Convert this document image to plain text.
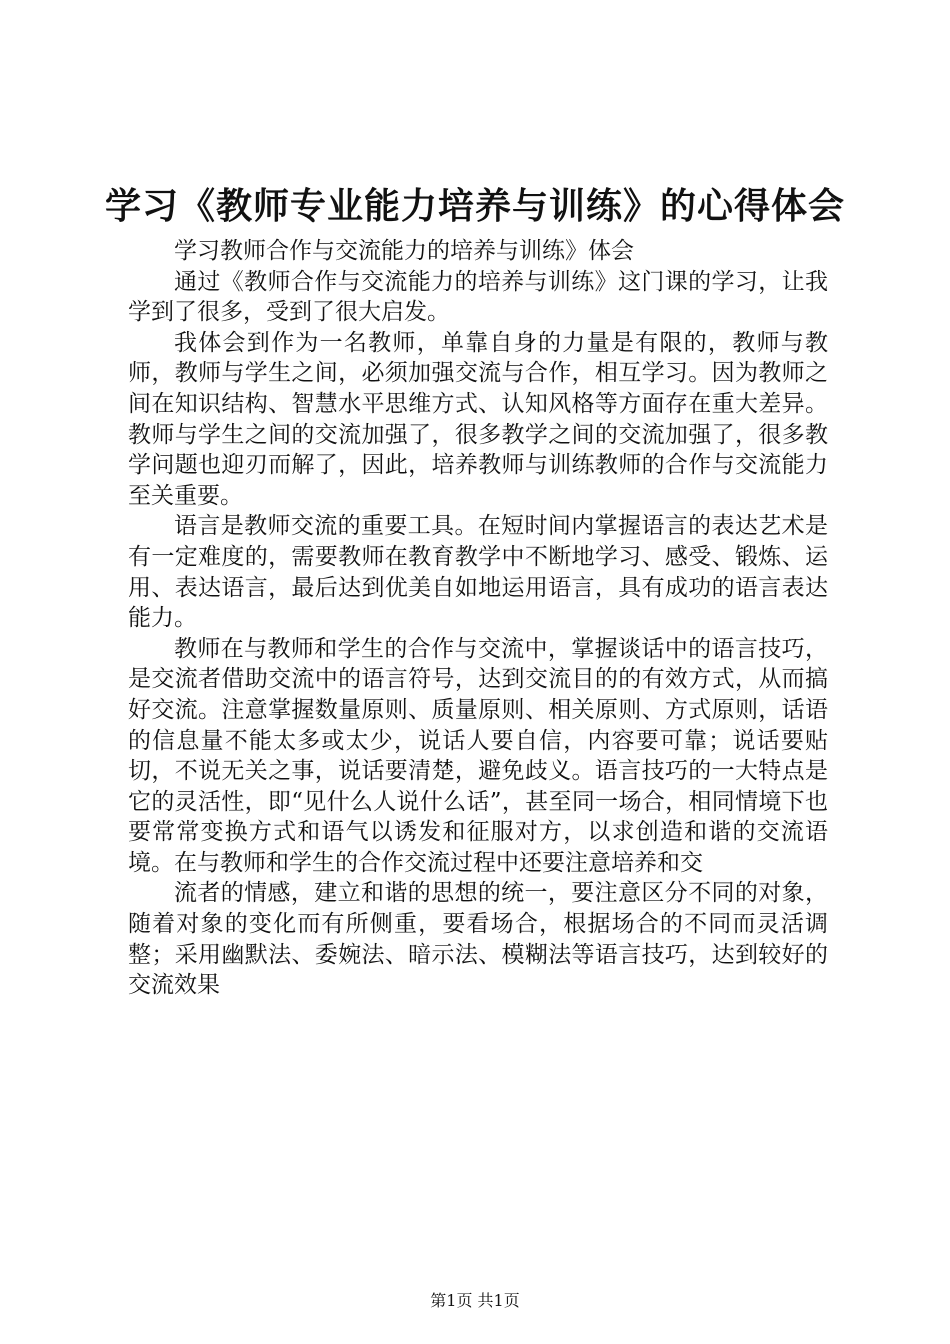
学习《教师专业能力培养与训练》的心得体会

学习教师合作与交流能力的培养与训练》体会

通过《教师合作与交流能力的培养与训练》这门课的学习，让我学到了很多，受到了很大启发。

我体会到作为一名教师，单靠自身的力量是有限的，教师与教师，教师与学生之间，必须加强交流与合作，相互学习。因为教师之间在知识结构、智慧水平思维方式、认知风格等方面存在重大差异。教师与学生之间的交流加强了，很多教学之间的交流加强了，很多教学问题也迎刃而解了，因此，培养教师与训练教师的合作与交流能力至关重要。

语言是教师交流的重要工具。在短时间内掌握语言的表达艺术是有一定难度的，需要教师在教育教学中不断地学习、感受、锻炼、运用、表达语言，最后达到优美自如地运用语言，具有成功的语言表达能力。

教师在与教师和学生的合作与交流中，掌握谈话中的语言技巧，是交流者借助交流中的语言符号，达到交流目的的有效方式，从而搞好交流。注意掌握数量原则、质量原则、相关原则、方式原则，话语的信息量不能太多或太少，说话人要自信，内容要可靠；说话要贴切，不说无关之事，说话要清楚，避免歧义。语言技巧的一大特点是它的灵活性，即“见什么人说什么话”，甚至同一场合，相同情境下也要常常变换方式和语气以诱发和征服对方，以求创造和谐的交流语境。在与教师和学生的合作交流过程中还要注意培养和交

流者的情感，建立和谐的思想的统一，要注意区分不同的对象，随着对象的变化而有所侧重，要看场合，根据场合的不同而灵活调整；采用幽默法、委婉法、暗示法、模糊法等语言技巧，达到较好的交流效果

第1页 共1页
